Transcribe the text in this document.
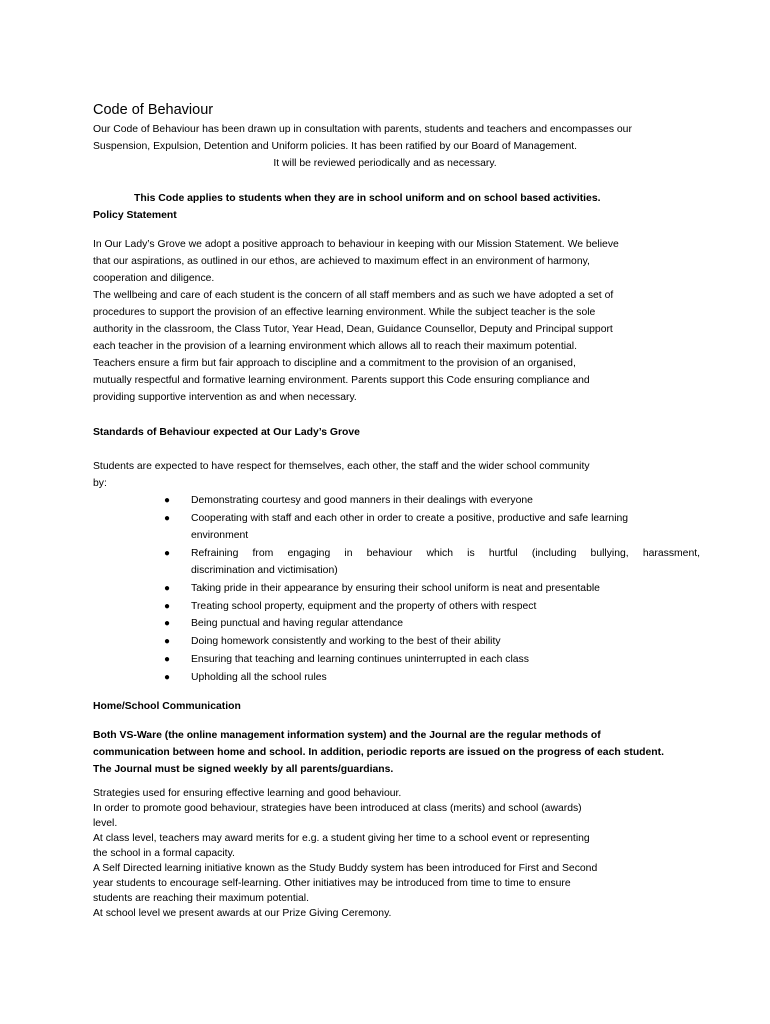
Code of Behaviour
Our Code of Behaviour has been drawn up in consultation with parents, students and teachers and encompasses our
Suspension, Expulsion, Detention and Uniform policies. It has been ratified by our Board of Management.
It will be reviewed periodically and as necessary.
This Code applies to students when they are in school uniform and on school based activities.
Policy Statement
In Our Lady’s Grove we adopt a positive approach to behaviour in keeping with our Mission Statement. We believe
that our aspirations, as outlined in our ethos, are achieved to maximum effect in an environment of harmony,
cooperation and diligence.
The wellbeing and care of each student is the concern of all staff members and as such we have adopted a set of
procedures to support the provision of an effective learning environment. While the subject teacher is the sole
authority in the classroom, the Class Tutor, Year Head, Dean, Guidance Counsellor, Deputy and Principal support
each teacher in the provision of a learning environment which allows all to reach their maximum potential.
Teachers ensure a firm but fair approach to discipline and a commitment to the provision of an organised,
mutually respectful and formative learning environment. Parents support this Code ensuring compliance and
providing supportive intervention as and when necessary.
Standards of Behaviour expected at Our Lady’s Grove
Students are expected to have respect for themselves, each other, the staff and the wider school community
by:
● Demonstrating courtesy and good manners in their dealings with everyone
● Cooperating with staff and each other in order to create a positive, productive and safe learning
environment
● Refraining from engaging in behaviour which is hurtful (including bullying, harassment,
discrimination and victimisation)
● Taking pride in their appearance by ensuring their school uniform is neat and presentable
● Treating school property, equipment and the property of others with respect
● Being punctual and having regular attendance
● Doing homework consistently and working to the best of their ability
● Ensuring that teaching and learning continues uninterrupted in each class
● Upholding all the school rules
Home/School Communication
Both VS-Ware (the online management information system) and the Journal are the regular methods of
communication between home and school. In addition, periodic reports are issued on the progress of each student.
The Journal must be signed weekly by all parents/guardians.
Strategies used for ensuring effective learning and good behaviour.
In order to promote good behaviour, strategies have been introduced at class (merits) and school (awards)
level.
At class level, teachers may award merits for e.g. a student giving her time to a school event or representing
the school in a formal capacity.
A Self Directed learning initiative known as the Study Buddy system has been introduced for First and Second
year students to encourage self-learning. Other initiatives may be introduced from time to time to ensure
students are reaching their maximum potential.
At school level we present awards at our Prize Giving Ceremony.
